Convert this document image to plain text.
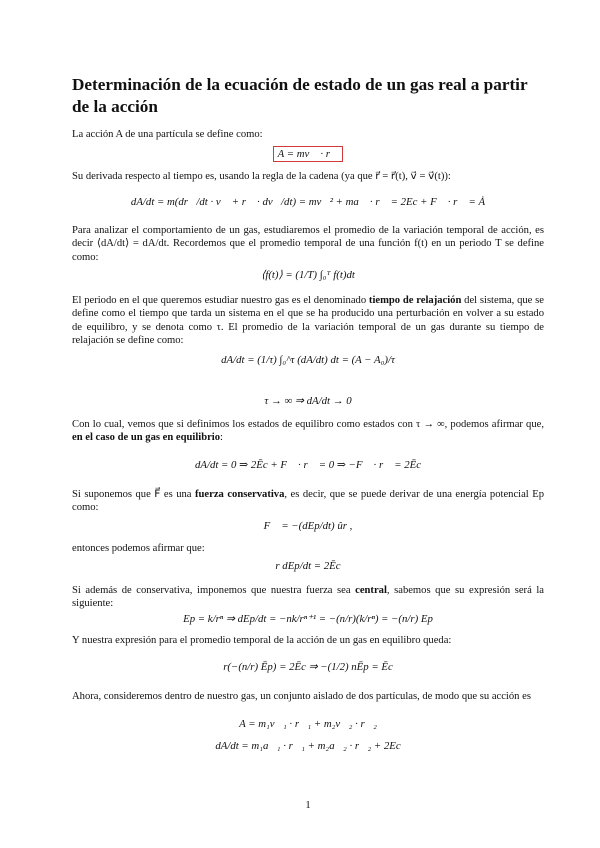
Determinación de la ecuación de estado de un gas real a partir de la acción

La acción A de una partícula se define como:

A = mv⃗ · r⃗

Su derivada respecto al tiempo es, usando la regla de la cadena (ya que r⃗ = r⃗(t), v⃗ = v⃗(t)):

dA/dt = m(dr⃗/dt · v⃗ + r⃗ · dv⃗/dt) = mv⃗² + ma⃗ · r⃗ = 2Ec + F⃗ · r⃗ = Ȧ

Para analizar el comportamiento de un gas, estudiaremos el promedio de la variación temporal de acción, es decir ⟨dA/dt⟩ = dA/dt. Recordemos que el promedio temporal de una función f(t) en un periodo T se define como:

⟨f(t)⟩ = (1/T) ∫₀ᵀ f(t)dt

El periodo en el que queremos estudiar nuestro gas es el denominado tiempo de relajación del sistema, que se define como el tiempo que tarda un sistema en el que se ha producido una perturbación en volver a su estado de equilibro, y se denota como τ. El promedio de la variación temporal de un gas durante su tiempo de relajación se define como:

dA/dt = (1/τ) ∫₀^τ (dA/dt) dt = (A − A₀)/τ
τ → ∞ ⇒ dA/dt → 0

Con lo cual, vemos que si definimos los estados de equilibro como estados con τ → ∞, podemos afirmar que, en el caso de un gas en equilibrio:

dA/dt = 0 ⇒ 2Ēc + F⃗ · r⃗ = 0 ⇒ −F⃗ · r⃗ = 2Ēc

Si suponemos que F⃗ es una fuerza conservativa, es decir, que se puede derivar de una energía potencial Ep como:

F⃗ = −(dEp/dt) ûr ,

entonces podemos afirmar que:

r dEp/dt = 2Ēc

Si además de conservativa, imponemos que nuestra fuerza sea central, sabemos que su expresión será la siguiente:

Ep = k/rⁿ ⇒ dEp/dt = −nk/rⁿ⁺¹ = −(n/r)(k/rⁿ) = −(n/r) Ep

Y nuestra expresión para el promedio temporal de la acción de un gas en equilibro queda:

r(−(n/r) Ēp) = 2Ēc ⇒ −(1/2) nĒp = Ēc

Ahora, consideremos dentro de nuestro gas, un conjunto aislado de dos partículas, de modo que su acción es

A = m₁v⃗₁ · r⃗₁ + m₂v⃗₂ · r⃗₂
dA/dt = m₁a⃗₁ · r⃗₁ + m₂a⃗₂ · r⃗₂ + 2Ec
1
